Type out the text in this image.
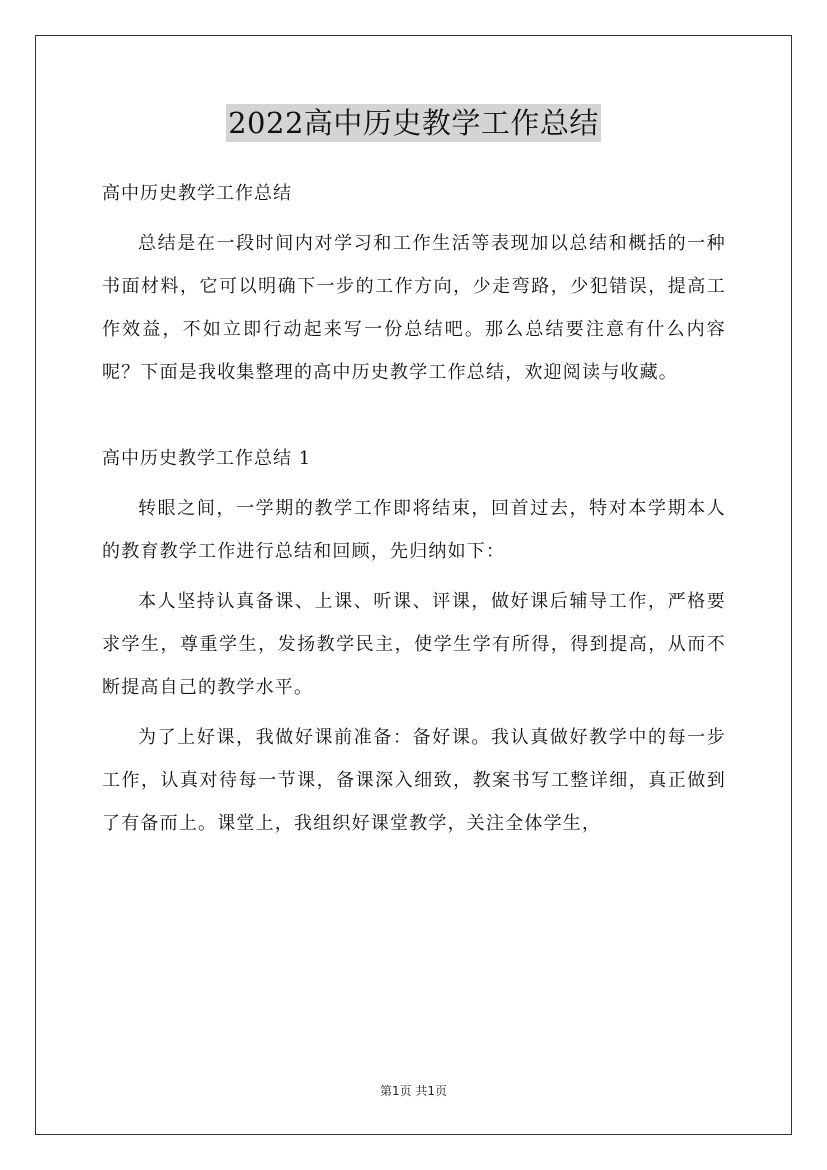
2022高中历史教学工作总结

高中历史教学工作总结

总结是在一段时间内对学习和工作生活等表现加以总结和概括的一种书面材料，它可以明确下一步的工作方向，少走弯路，少犯错误，提高工作效益，不如立即行动起来写一份总结吧。那么总结要注意有什么内容呢？下面是我收集整理的高中历史教学工作总结，欢迎阅读与收藏。

高中历史教学工作总结 1

转眼之间，一学期的教学工作即将结束，回首过去，特对本学期本人的教育教学工作进行总结和回顾，先归纳如下：

本人坚持认真备课、上课、听课、评课，做好课后辅导工作，严格要求学生，尊重学生，发扬教学民主，使学生学有所得，得到提高，从而不断提高自己的教学水平。

为了上好课，我做好课前准备：备好课。我认真做好教学中的每一步工作，认真对待每一节课，备课深入细致，教案书写工整详细，真正做到了有备而上。课堂上，我组织好课堂教学，关注全体学生，

第1页 共1页
